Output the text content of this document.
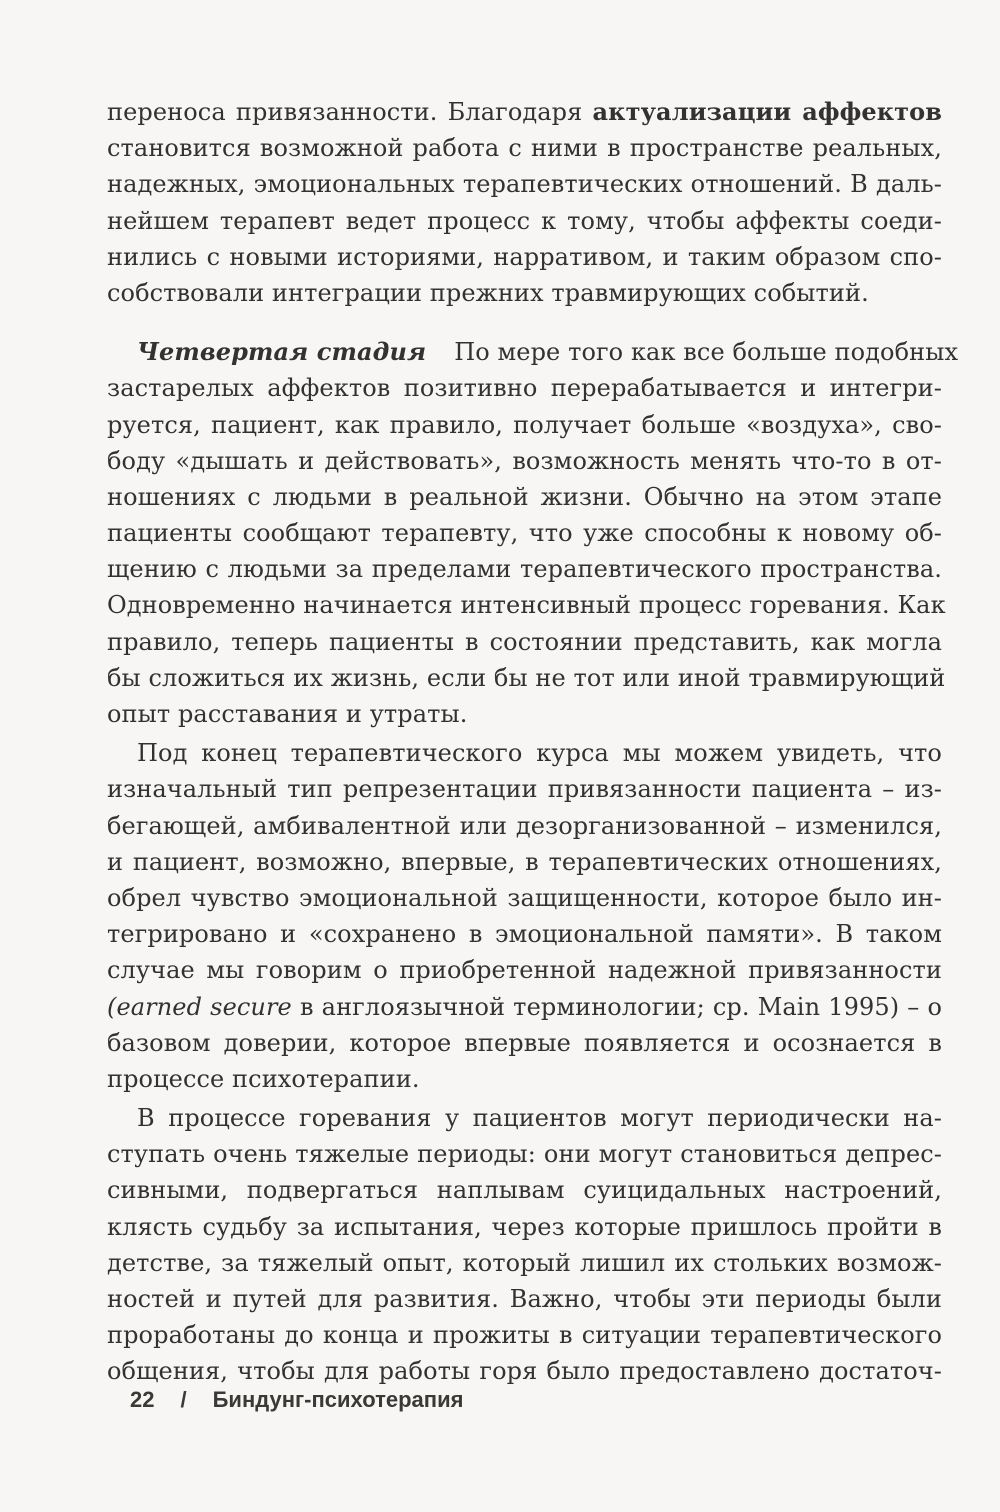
переноса привязанности. Благодаря актуализации аффектов
становится возможной работа с ними в пространстве реальных,
надежных, эмоциональных терапевтических отношений. В даль-
нейшем терапевт ведет процесс к тому, чтобы аффекты соеди-
нились с новыми историями, нарративом, и таким образом спо-
собствовали интеграции прежних травмирующих событий.
Четвертая стадия По мере того как все больше подобных
застарелых аффектов позитивно перерабатывается и интегри-
руется, пациент, как правило, получает больше «воздуха», сво-
боду «дышать и действовать», возможность менять что-то в от-
ношениях с людьми в реальной жизни. Обычно на этом этапе
пациенты сообщают терапевту, что уже способны к новому об-
щению с людьми за пределами терапевтического пространства.
Одновременно начинается интенсивный процесс горевания. Как
правило, теперь пациенты в состоянии представить, как могла
бы сложиться их жизнь, если бы не тот или иной травмирующий
опыт расставания и утраты.
Под конец терапевтического курса мы можем увидеть, что
изначальный тип репрезентации привязанности пациента – из-
бегающей, амбивалентной или дезорганизованной – изменился,
и пациент, возможно, впервые, в терапевтических отношениях,
обрел чувство эмоциональной защищенности, которое было ин-
тегрировано и «сохранено в эмоциональной памяти». В таком
случае мы говорим о приобретенной надежной привязанности
(earned secure в англоязычной терминологии; ср. Main 1995) – о
базовом доверии, которое впервые появляется и осознается в
процессе психотерапии.
В процессе горевания у пациентов могут периодически на-
ступать очень тяжелые периоды: они могут становиться депрес-
сивными, подвергаться наплывам суицидальных настроений,
клясть судьбу за испытания, через которые пришлось пройти в
детстве, за тяжелый опыт, который лишил их стольких возмож-
ностей и путей для развития. Важно, чтобы эти периоды были
проработаны до конца и прожиты в ситуации терапевтического
общения, чтобы для работы горя было предоставлено достаточ-
22 / Биндунг-психотерапия
